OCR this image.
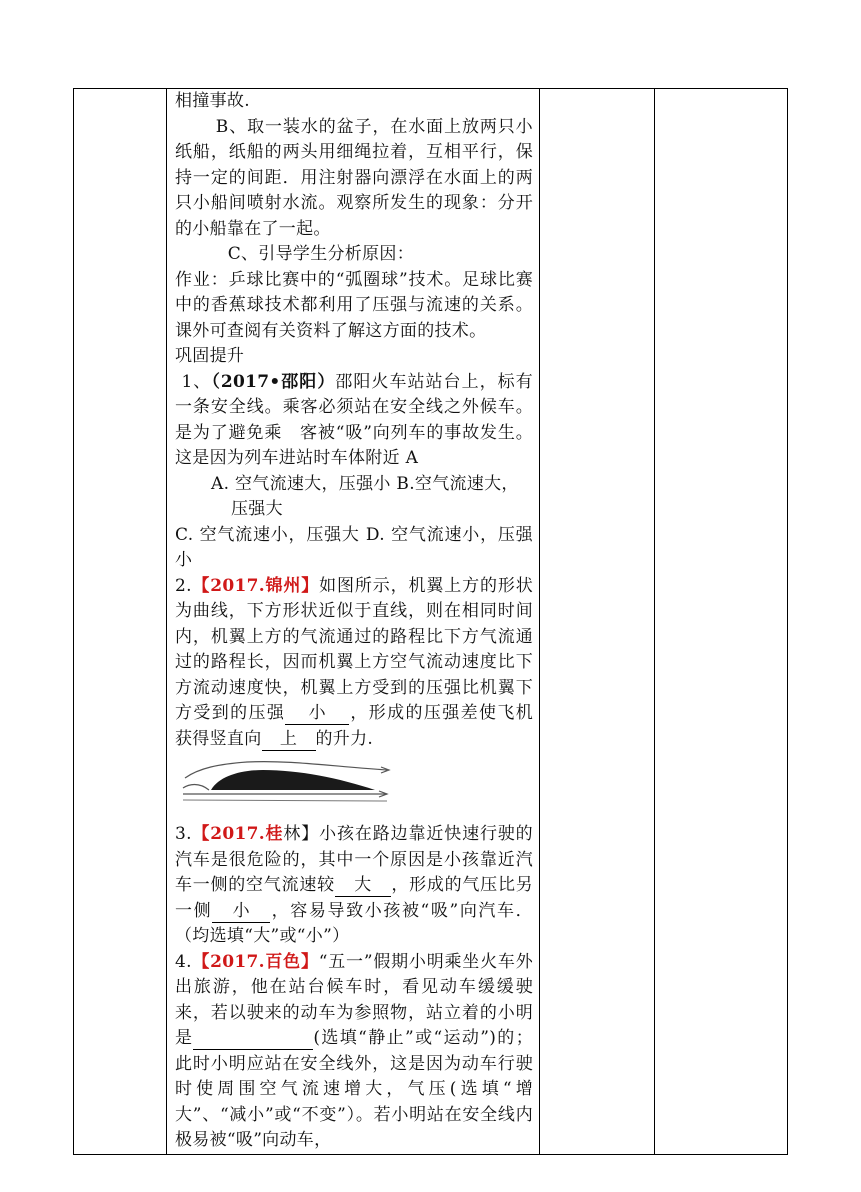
相撞事故.

B、取一装水的盆子，在水面上放两只小纸船，纸船的两头用细绳拉着，互相平行，保持一定的间距．用注射器向漂浮在水面上的两只小船间喷射水流。观察所发生的现象：分开的小船靠在了一起。

C、引导学生分析原因：

作业：乒球比赛中的“弧圈球”技术。足球比赛中的香蕉球技术都利用了压强与流速的关系。课外可查阅有关资料了解这方面的技术。

巩固提升

1、（2017•邵阳）邵阳火车站站台上，标有一条安全线。乘客必须站在安全线之外候车。是为了避免乘　客被“吸”向列车的事故发生。这是因为列车进站时车体附近 A

A. 空气流速大，压强小 B.空气流速大，

压强大

C. 空气流速小，压强大 D. 空气流速小，压强小

2.【2017.锦州】如图所示，机翼上方的形状为曲线，下方形状近似于直线，则在相同时间内，机翼上方的气流通过的路程比下方气流通过的路程长，因而机翼上方空气流动速度比下方流动速度快，机翼上方受到的压强比机翼下方受到的压强 小 ，形成的压强差使飞机获得竖直向 上 的升力.

3.【2017.桂林】小孩在路边靠近快速行驶的汽车是很危险的，其中一个原因是小孩靠近汽车一侧的空气流速较 大 ，形成的气压比另一侧 小 ，容易导致小孩被“吸”向汽车．（均选填“大”或“小”）

4.【2017.百色】“五一”假期小明乘坐火车外出旅游，他在站台候车时，看见动车缓缓驶来，若以驶来的动车为参照物，站立着的小明是	(选填“静止”或“运动”)的；此时小明应站在安全线外，这是因为动车行驶时使周围空气流速增大，气压(选填“增大”、“减小”或“不变”）。若小明站在安全线内极易被“吸”向动车，
